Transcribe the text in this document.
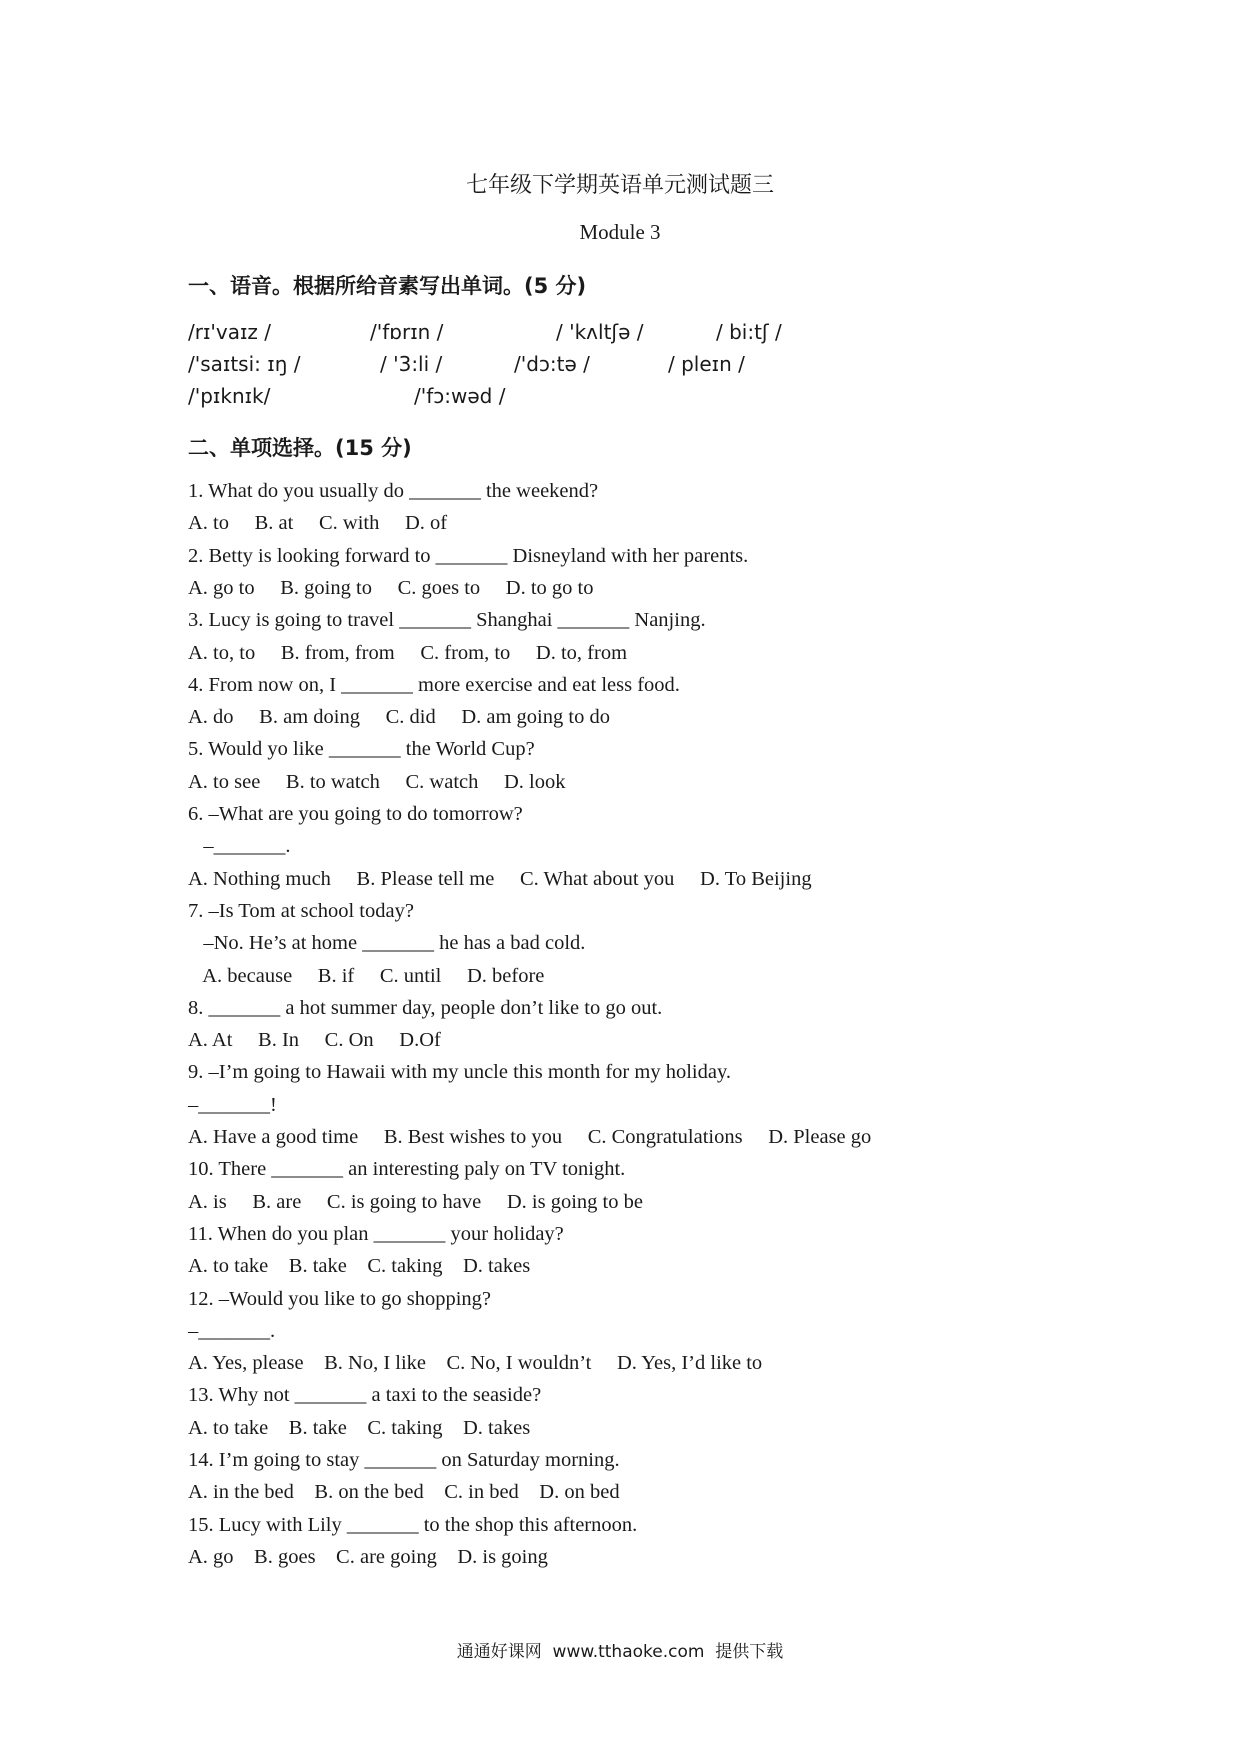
七年级下学期英语单元测试题三
Module 3
一、语音。根据所给音素写出单词。(5 分)
/rɪ'vaɪz /	/'fɒrɪn /	/ 'kʌltʃə /	/ bi:tʃ /
/'saɪtsi: ɪŋ /	/ '3:li /	/'dɔ:tə /	/ pleɪn /
/'pɪknɪk/	/'fɔ:wəd /
二、单项选择。(15 分)
1. What do you usually do _______ the weekend?
A. to     B. at     C. with     D. of
2. Betty is looking forward to _______ Disneyland with her parents.
A. go to     B. going to     C. goes to     D. to go to
3. Lucy is going to travel _______ Shanghai _______ Nanjing.
A. to, to     B. from, from     C. from, to     D. to, from
4. From now on, I _______ more exercise and eat less food.
A. do     B. am doing     C. did     D. am going to do
5. Would yo like _______ the World Cup?
A. to see     B. to watch     C. watch     D. look
6. –What are you going to do tomorrow?
–_______.
A. Nothing much     B. Please tell me     C. What about you     D. To Beijing
7. –Is Tom at school today?
–No. He’s at home _______ he has a bad cold.
A. because     B. if     C. until     D. before
8. _______ a hot summer day, people don’t like to go out.
A. At     B. In     C. On     D.Of
9. –I’m going to Hawaii with my uncle this month for my holiday.
–_______!
A. Have a good time     B. Best wishes to you     C. Congratulations     D. Please go
10. There _______ an interesting paly on TV tonight.
A. is     B. are     C. is going to have     D. is going to be
11. When do you plan _______ your holiday?
A. to take    B. take    C. taking    D. takes
12. –Would you like to go shopping?
–_______.
A. Yes, please    B. No, I like    C. No, I wouldn’t     D. Yes, I’d like to
13. Why not _______ a taxi to the seaside?
A. to take    B. take    C. taking    D. takes
14. I’m going to stay _______ on Saturday morning.
A. in the bed    B. on the bed    C. in bed    D. on bed
15. Lucy with Lily _______ to the shop this afternoon.
A. go    B. goes    C. are going    D. is going
通通好课网  www.tthaoke.com  提供下载
